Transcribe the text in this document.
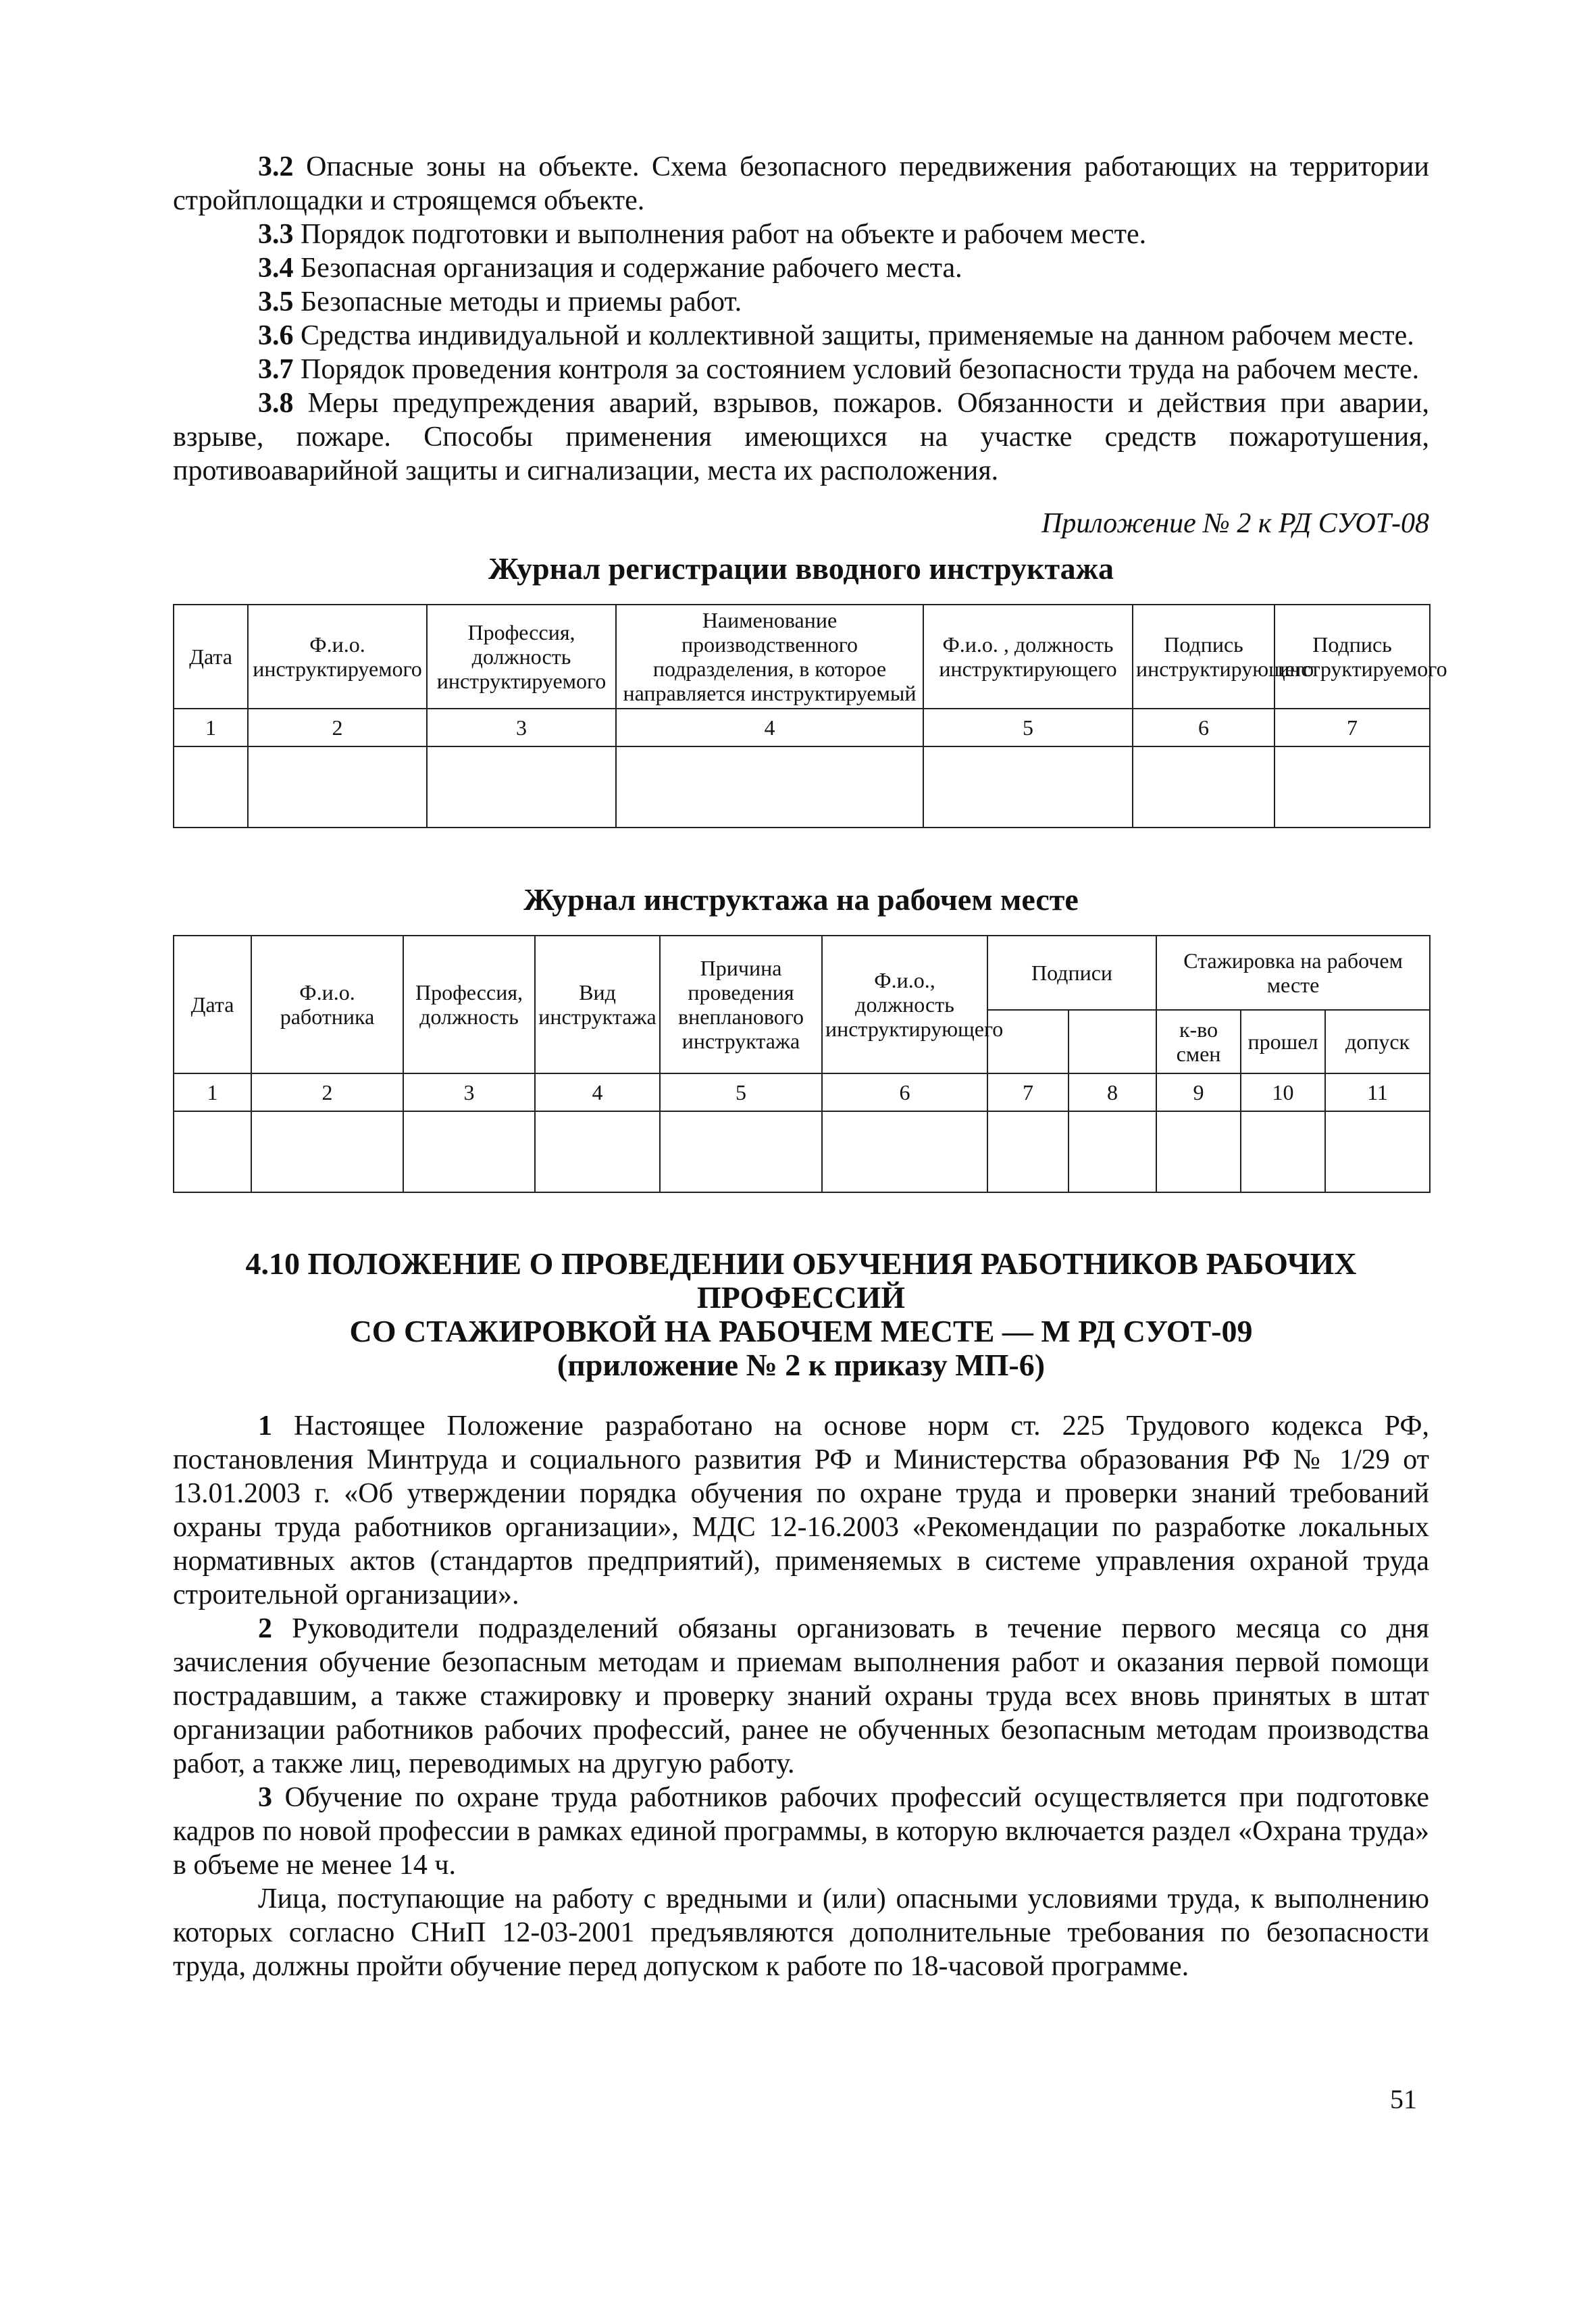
3.2 Опасные зоны на объекте. Схема безопасного передвижения работающих на территории стройплощадки и строящемся объекте.

3.3 Порядок подготовки и выполнения работ на объекте и рабочем месте.

3.4 Безопасная организация и содержание рабочего места.

3.5 Безопасные методы и приемы работ.

3.6 Средства индивидуальной и коллективной защиты, применяемые на данном рабочем месте.

3.7 Порядок проведения контроля за состоянием условий безопасности труда на рабочем месте.

3.8 Меры предупреждения аварий, взрывов, пожаров. Обязанности и действия при аварии, взрыве, пожаре. Способы применения имеющихся на участке средств пожаротушения, противоаварийной защиты и сигнализации, места их расположения.

Приложение № 2 к РД СУОТ-08

Журнал регистрации вводного инструктажа
Дата	Ф.и.о. инструктируемого	Профессия, должность инструктируемого	Наименование производственного подразделения, в которое направляется инструктируемый	Ф.и.о. , должность инструктирующего	Подпись инструктирующего	Подпись инструктируемого
1	2	3	4	5	6	7

Журнал инструктажа на рабочем месте
Дата	Ф.и.о. работника	Профессия, должность	Вид инструктажа	Причина проведения внепланового инструктажа	Ф.и.о., должность инструктирующего	Подписи		Стажировка на рабочем месте		
								к-во смен	прошел	допуск
1	2	3	4	5	6	7	8	9	10	11

4.10 ПОЛОЖЕНИЕ О ПРОВЕДЕНИИ ОБУЧЕНИЯ РАБОТНИКОВ РАБОЧИХ ПРОФЕССИЙ
СО СТАЖИРОВКОЙ НА РАБОЧЕМ МЕСТЕ — М РД СУОТ-09
(приложение № 2 к приказу МП-6)

1 Настоящее Положение разработано на основе норм ст. 225 Трудового кодекса РФ, постановления Минтруда и социального развития РФ и Министерства образования РФ № 1/29 от 13.01.2003 г. «Об утверждении порядка обучения по охране труда и проверки знаний требований охраны труда работников организации», МДС 12-16.2003 «Рекомендации по разработке локальных нормативных актов (стандартов предприятий), применяемых в системе управления охраной труда строительной организации».

2 Руководители подразделений обязаны организовать в течение первого месяца со дня зачисления обучение безопасным методам и приемам выполнения работ и оказания первой помощи пострадавшим, а также стажировку и проверку знаний охраны труда всех вновь принятых в штат организации работников рабочих профессий, ранее не обученных безопасным методам производства работ, а также лиц, переводимых на другую работу.

3 Обучение по охране труда работников рабочих профессий осуществляется при подготовке кадров по новой профессии в рамках единой программы, в которую включается раздел «Охрана труда» в объеме не менее 14 ч.

Лица, поступающие на работу с вредными и (или) опасными условиями труда, к выполнению которых согласно СНиП 12-03-2001 предъявляются дополнительные требования по безопасности труда, должны пройти обучение перед допуском к работе по 18-часовой программе.

51
